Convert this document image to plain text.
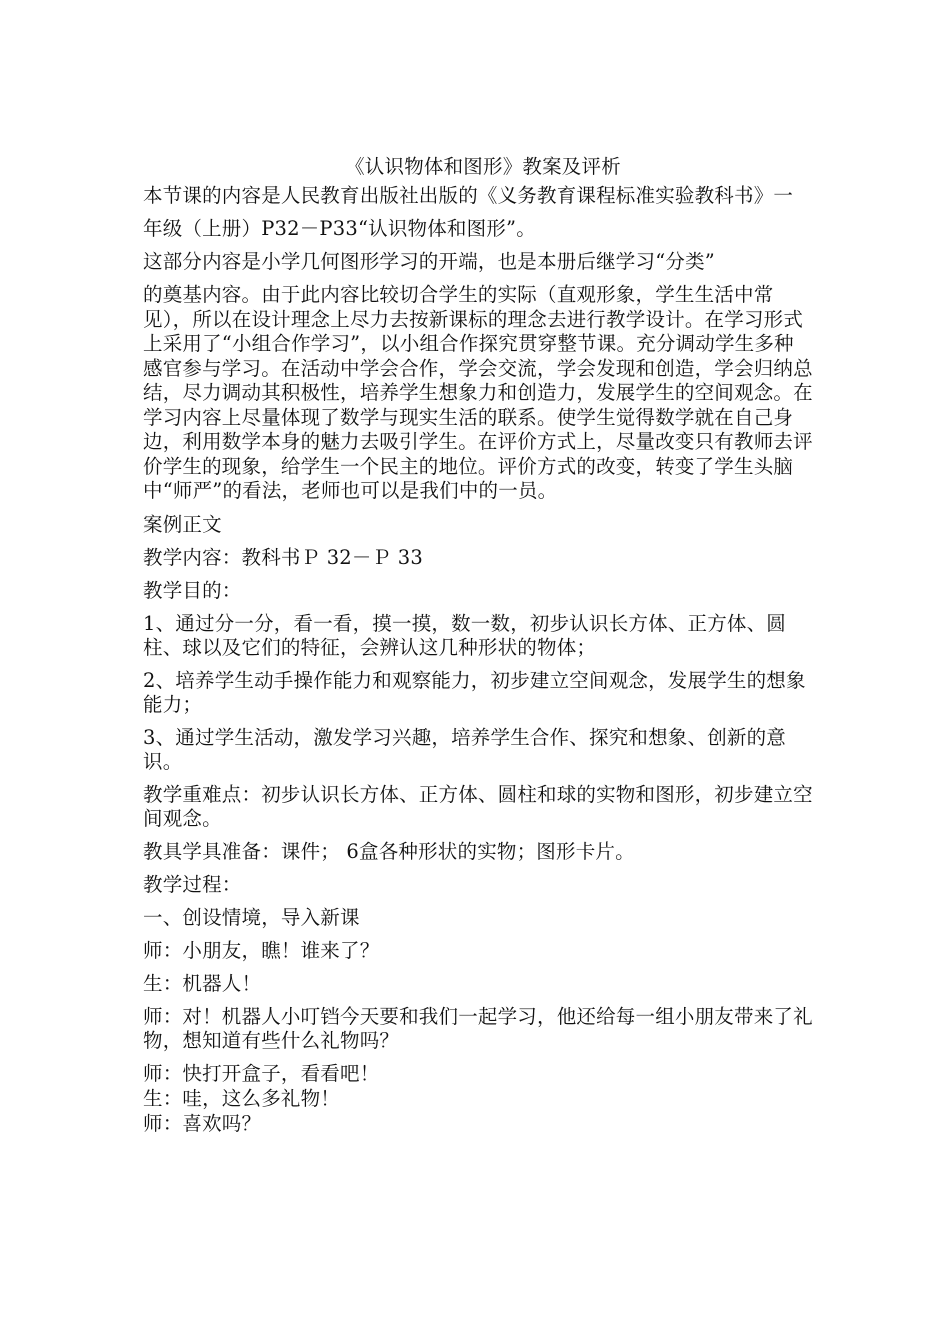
《认识物体和图形》教案及评析
本节课的内容是人民教育出版社出版的《义务教育课程标准实验教科书》一
年级（上册）P32－P33“认识物体和图形”。
这部分内容是小学几何图形学习的开端，也是本册后继学习“分类”
的奠基内容。由于此内容比较切合学生的实际（直观形象，学生生活中常见），所以在设计理念上尽力去按新课标的理念去进行教学设计。在学习形式上采用了“小组合作学习”，以小组合作探究贯穿整节课。充分调动学生多种感官参与学习。在活动中学会合作，学会交流，学会发现和创造，学会归纳总结，尽力调动其积极性，培养学生想象力和创造力，发展学生的空间观念。在学习内容上尽量体现了数学与现实生活的联系。使学生觉得数学就在自己身边，利用数学本身的魅力去吸引学生。在评价方式上，尽量改变只有教师去评价学生的现象，给学生一个民主的地位。评价方式的改变，转变了学生头脑中“师严”的看法，老师也可以是我们中的一员。
案例正文
教学内容：教科书Ｐ 32－Ｐ 33
教学目的：
1、通过分一分，看一看，摸一摸，数一数，初步认识长方体、正方体、圆柱、球以及它们的特征，会辨认这几种形状的物体；
2、培养学生动手操作能力和观察能力，初步建立空间观念，发展学生的想象能力；
3、通过学生活动，激发学习兴趣，培养学生合作、探究和想象、创新的意识。
教学重难点：初步认识长方体、正方体、圆柱和球的实物和图形，初步建立空间观念。
教具学具准备：课件； 6盒各种形状的实物；图形卡片。
教学过程：
一、创设情境，导入新课
师：小朋友，瞧！谁来了？
生：机器人！
师：对！机器人小叮铛今天要和我们一起学习，他还给每一组小朋友带来了礼物，想知道有些什么礼物吗？
师：快打开盒子，看看吧！
生：哇，这么多礼物！
师：喜欢吗？
